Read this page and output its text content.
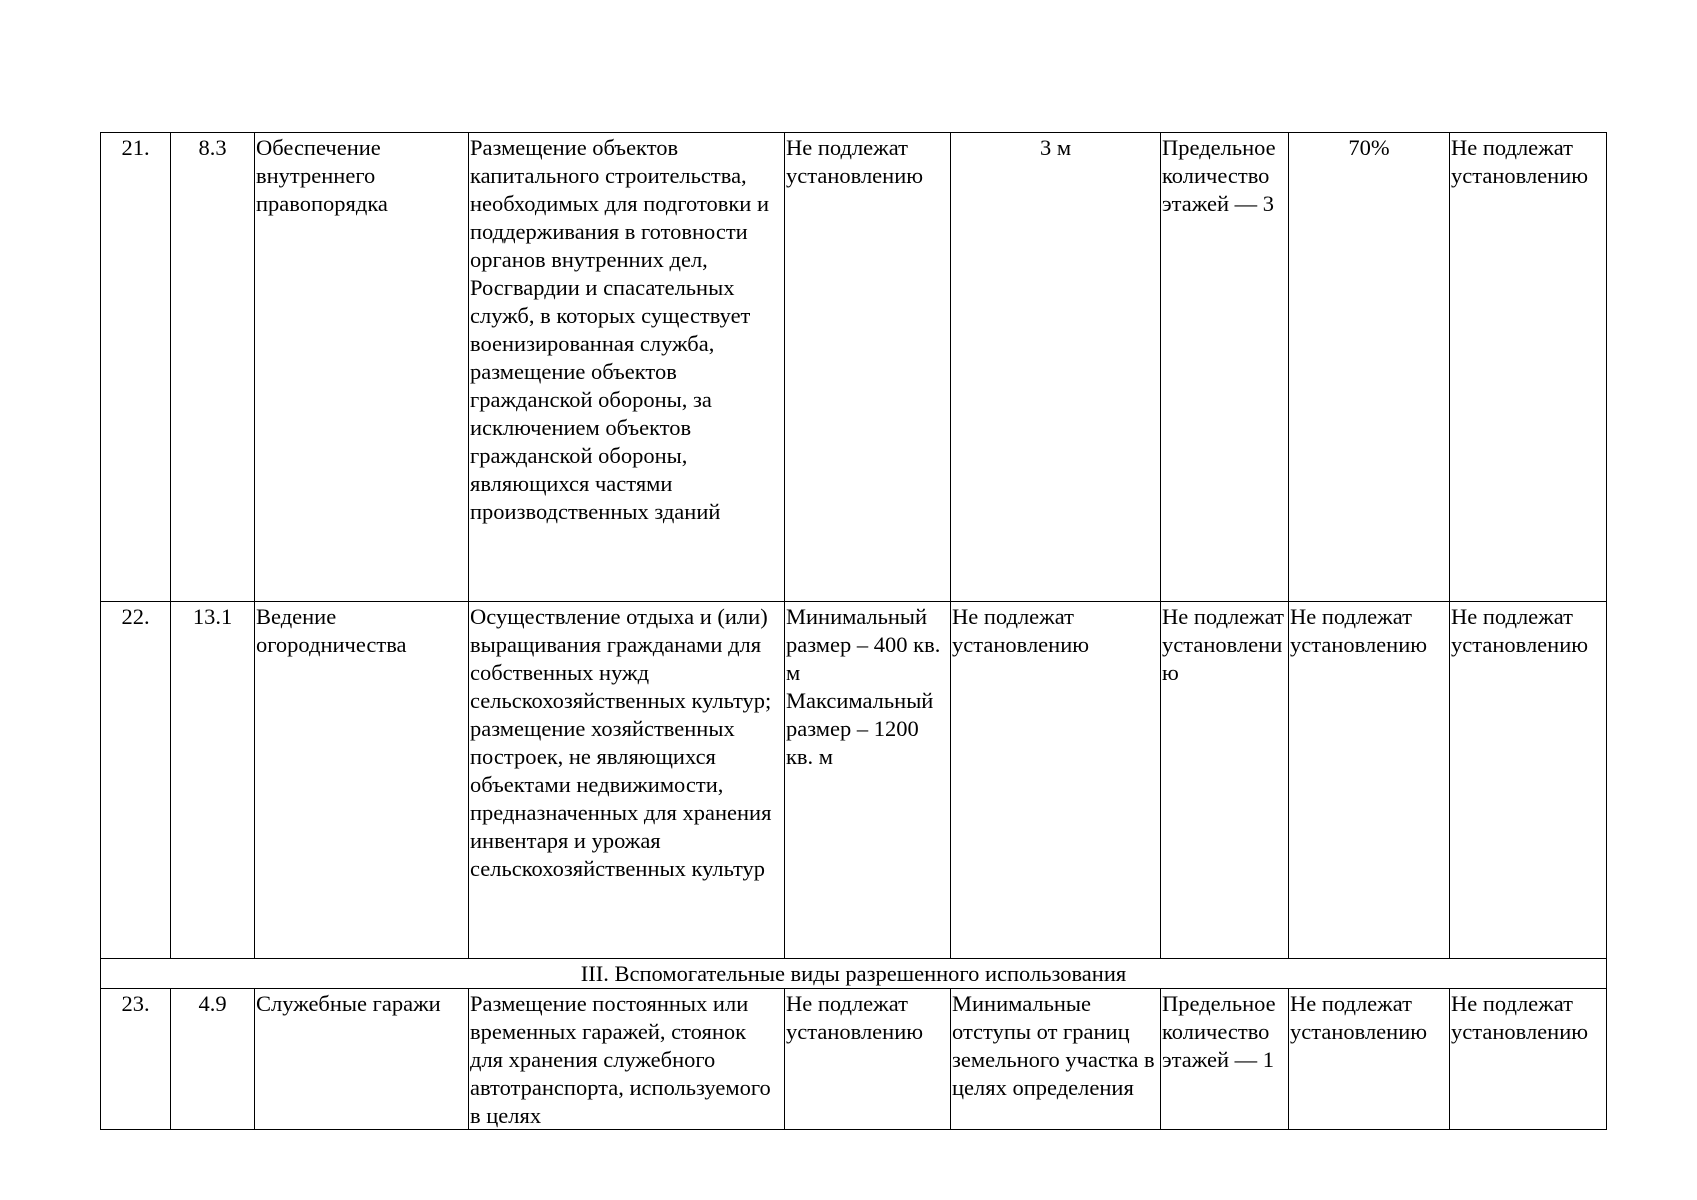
21.	8.3	Обеспечение внутреннего правопорядка	Размещение объектов капитального строительства, необходимых для подготовки и поддерживания в готовности органов внутренних дел, Росгвардии и спасательных служб, в которых существует военизированная служба, размещение объектов гражданской обороны, за исключением объектов гражданской обороны, являющихся частями производственных зданий	Не подлежат установлению	3 м	Предельное количество этажей — 3	70%	Не подлежат установлению
22.	13.1	Ведение огородничества	Осуществление отдыха и (или) выращивания гражданами для собственных нужд сельскохозяйственных культур; размещение хозяйственных построек, не являющихся объектами недвижимости, предназначенных для хранения инвентаря и урожая сельскохозяйственных культур	Минимальный размер – 400 кв. м Максимальный размер – 1200 кв. м	Не подлежат установлению	Не подлежат установлению	Не подлежат установлению	Не подлежат установлению
III. Вспомогательные виды разрешенного использования								

23.	4.9	Служебные гаражи	Размещение постоянных или временных гаражей, стоянок для хранения служебного автотранспорта, используемого в целях	Не подлежат установлению	Минимальные отступы от границ земельного участка в целях определения	Предельное количество этажей — 1	Не подлежат установлению	Не подлежат установлению
